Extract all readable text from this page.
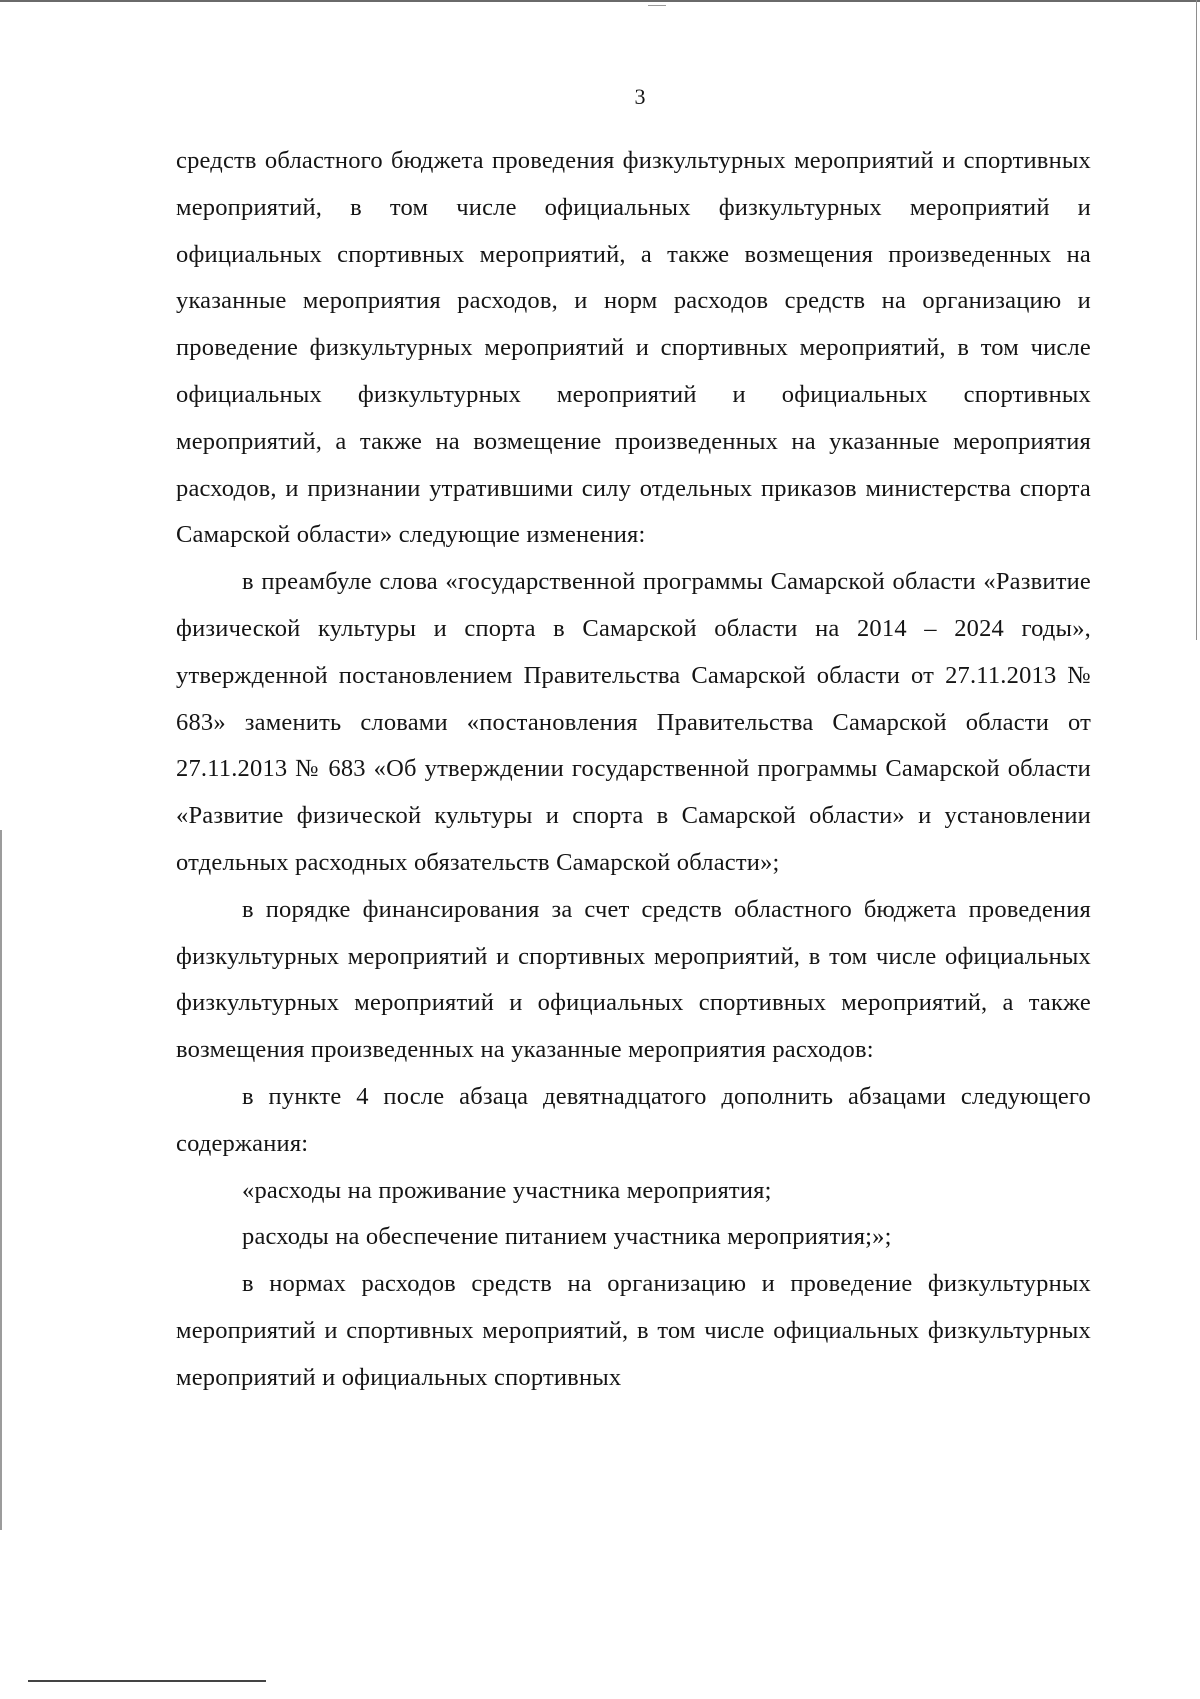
3

средств областного бюджета проведения физкультурных мероприятий и спортивных мероприятий, в том числе официальных физкультурных мероприятий и официальных спортивных мероприятий, а также возмещения произведенных на указанные мероприятия расходов, и норм расходов средств на организацию и проведение физкультурных мероприятий и спортивных мероприятий, в том числе официальных физкультурных мероприятий и официальных спортивных мероприятий, а также на возмещение произведенных на указанные мероприятия расходов, и признании утратившими силу отдельных приказов министерства спорта Самарской области» следующие изменения:

в преамбуле слова «государственной программы Самарской области «Развитие физической культуры и спорта в Самарской области на 2014 – 2024 годы», утвержденной постановлением Правительства Самарской области от 27.11.2013 № 683» заменить словами «постановления Правительства Самарской области от 27.11.2013 № 683 «Об утверждении государственной программы Самарской области «Развитие физической культуры и спорта в Самарской области» и установлении отдельных расходных обязательств Самарской области»;

в порядке финансирования за счет средств областного бюджета проведения физкультурных мероприятий и спортивных мероприятий, в том числе официальных физкультурных мероприятий и официальных спортивных мероприятий, а также возмещения произведенных на указанные мероприятия расходов:

в пункте 4 после абзаца девятнадцатого дополнить абзацами следующего содержания:

«расходы на проживание участника мероприятия;

расходы на обеспечение питанием участника мероприятия;»;

в нормах расходов средств на организацию и проведение физкультурных мероприятий и спортивных мероприятий, в том числе официальных физкультурных мероприятий и официальных спортивных
